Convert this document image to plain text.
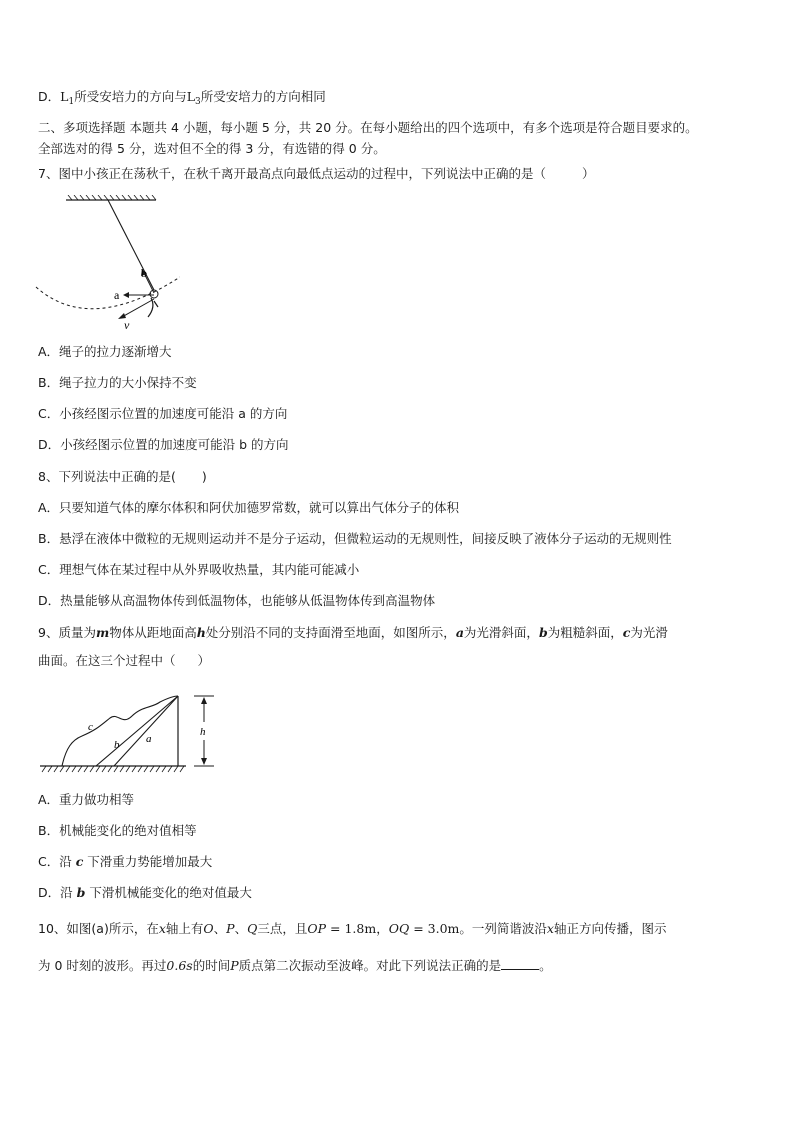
D．$L_1$所受安培力的方向与$L_3$所受安培力的方向相同
二、多项选择题 本题共 4 小题，每小题 5 分，共 20 分。在每小题给出的四个选项中，有多个选项是符合题目要求的。
全部选对的得 5 分，选对但不全的得 3 分，有选错的得 0 分。
7、图中小孩正在荡秋千，在秋千离开最高点向最低点运动的过程中，下列说法中正确的是（	）
b
a
v
A．绳子的拉力逐渐增大
B．绳子拉力的大小保持不变
C．小孩经图示位置的加速度可能沿 a 的方向
D．小孩经图示位置的加速度可能沿 b 的方向
8、下列说法中正确的是( )
A．只要知道气体的摩尔体积和阿伏加德罗常数，就可以算出气体分子的体积
B．悬浮在液体中微粒的无规则运动并不是分子运动，但微粒运动的无规则性，间接反映了液体分子运动的无规则性
C．理想气体在某过程中从外界吸收热量，其内能可能减小
D．热量能够从高温物体传到低温物体，也能够从低温物体传到高温物体
9、质量为m物体从距地面高h处分别沿不同的支持面滑至地面，如图所示，a为光滑斜面，b为粗糙斜面，c为光滑
曲面。在这三个过程中（ ）
c
b a
h
A．重力做功相等
B．机械能变化的绝对值相等
C．沿 c 下滑重力势能增加最大
D．沿 b 下滑机械能变化的绝对值最大
10、如图(a)所示，在x轴上有O、P、Q三点，且OP = 1.8m，OQ = 3.0m。一列简谐波沿x轴正方向传播，图示
为 0 时刻的波形。再过0.6s的时间P质点第二次振动至波峰。对此下列说法正确的是	。
